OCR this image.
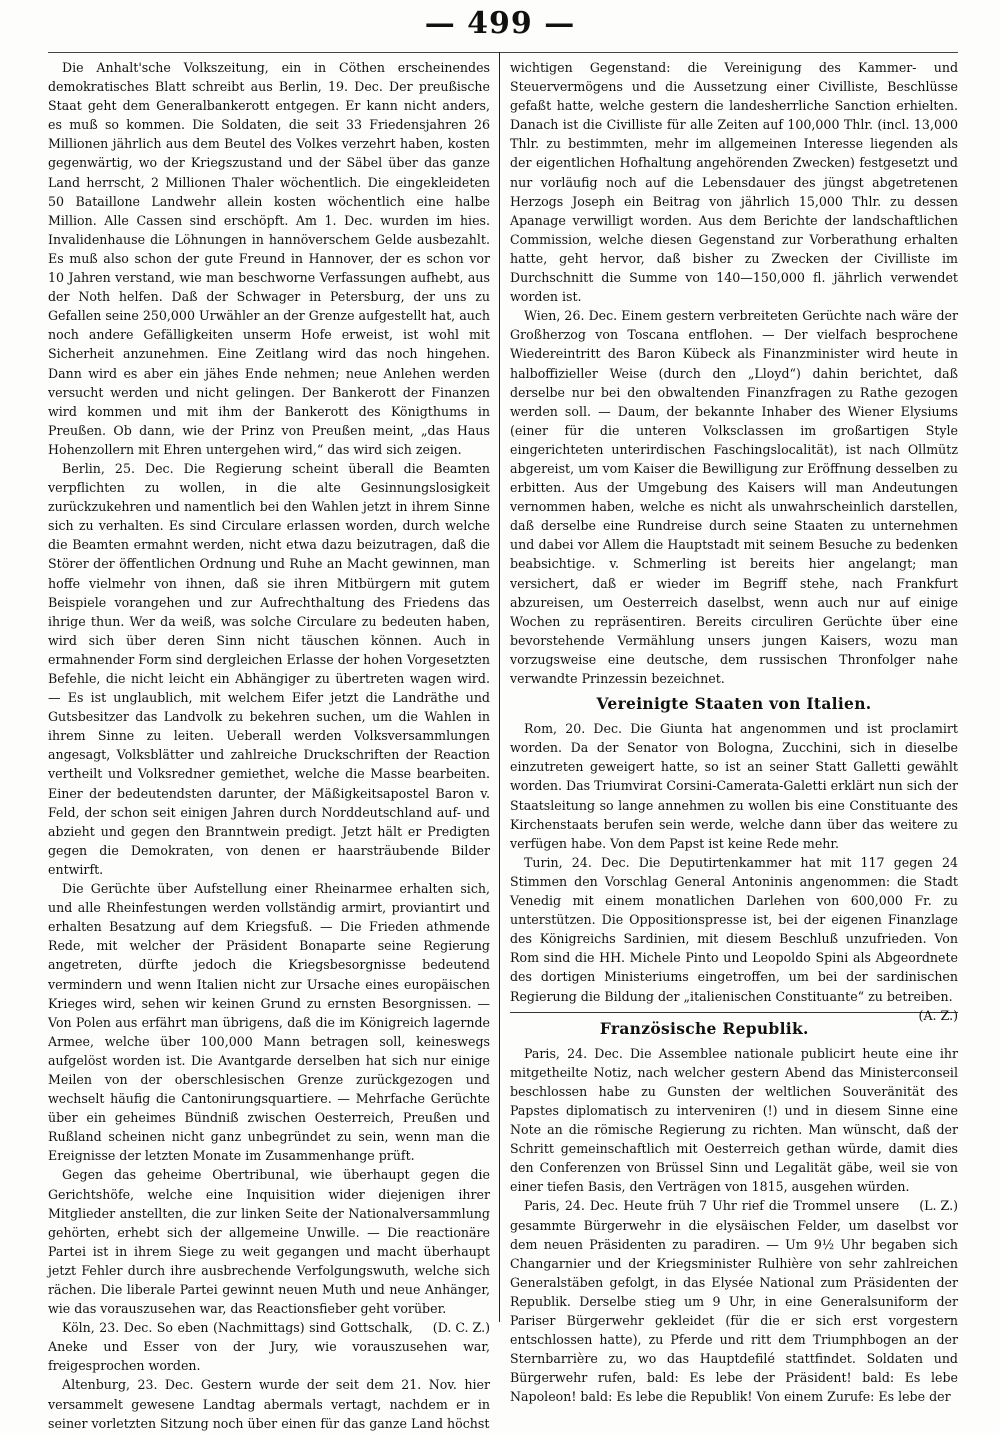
— 499 —

Die Anhalt'sche Volkszeitung, ein in Cöthen erscheinendes demokratisches Blatt schreibt aus Berlin, 19. Dec. Der preußische Staat geht dem Generalbankerott entgegen. Er kann nicht anders, es muß so kommen. Die Soldaten, die seit 33 Friedensjahren 26 Millionen jährlich aus dem Beutel des Volkes verzehrt haben, kosten gegenwärtig, wo der Kriegszustand und der Säbel über das ganze Land herrscht, 2 Millionen Thaler wöchentlich. Die eingekleideten 50 Bataillone Landwehr allein kosten wöchentlich eine halbe Million. Alle Cassen sind erschöpft. Am 1. Dec. wurden im hies. Invalidenhause die Löhnungen in hannöverschem Gelde ausbezahlt. Es muß also schon der gute Freund in Hannover, der es schon vor 10 Jahren verstand, wie man beschworne Verfassungen aufhebt, aus der Noth helfen. Daß der Schwager in Petersburg, der uns zu Gefallen seine 250,000 Urwähler an der Grenze aufgestellt hat, auch noch andere Gefälligkeiten unserm Hofe erweist, ist wohl mit Sicherheit anzunehmen. Eine Zeitlang wird das noch hingehen. Dann wird es aber ein jähes Ende nehmen; neue Anlehen werden versucht werden und nicht gelingen. Der Bankerott der Finanzen wird kommen und mit ihm der Bankerott des Königthums in Preußen. Ob dann, wie der Prinz von Preußen meint, „das Haus Hohenzollern mit Ehren untergehen wird,“ das wird sich zeigen.

Berlin, 25. Dec. Die Regierung scheint überall die Beamten verpflichten zu wollen, in die alte Gesinnungslosigkeit zurückzukehren und namentlich bei den Wahlen jetzt in ihrem Sinne sich zu verhalten. Es sind Circulare erlassen worden, durch welche die Beamten ermahnt werden, nicht etwa dazu beizutragen, daß die Störer der öffentlichen Ordnung und Ruhe an Macht gewinnen, man hoffe vielmehr von ihnen, daß sie ihren Mitbürgern mit gutem Beispiele vorangehen und zur Aufrechthaltung des Friedens das ihrige thun. Wer da weiß, was solche Circulare zu bedeuten haben, wird sich über deren Sinn nicht täuschen können. Auch in ermahnender Form sind dergleichen Erlasse der hohen Vorgesetzten Befehle, die nicht leicht ein Abhängiger zu übertreten wagen wird. — Es ist unglaublich, mit welchem Eifer jetzt die Landräthe und Gutsbesitzer das Landvolk zu bekehren suchen, um die Wahlen in ihrem Sinne zu leiten. Ueberall werden Volksversammlungen angesagt, Volksblätter und zahlreiche Druckschriften der Reaction vertheilt und Volksredner gemiethet, welche die Masse bearbeiten. Einer der bedeutendsten darunter, der Mäßigkeitsapostel Baron v. Feld, der schon seit einigen Jahren durch Norddeutschland auf- und abzieht und gegen den Branntwein predigt. Jetzt hält er Predigten gegen die Demokraten, von denen er haarsträubende Bilder entwirft.

Die Gerüchte über Aufstellung einer Rheinarmee erhalten sich, und alle Rheinfestungen werden vollständig armirt, proviantirt und erhalten Besatzung auf dem Kriegsfuß. — Die Frieden athmende Rede, mit welcher der Präsident Bonaparte seine Regierung angetreten, dürfte jedoch die Kriegsbesorgnisse bedeutend vermindern und wenn Italien nicht zur Ursache eines europäischen Krieges wird, sehen wir keinen Grund zu ernsten Besorgnissen. — Von Polen aus erfährt man übrigens, daß die im Königreich lagernde Armee, welche über 100,000 Mann betragen soll, keineswegs aufgelöst worden ist. Die Avantgarde derselben hat sich nur einige Meilen von der oberschlesischen Grenze zurückgezogen und wechselt häufig die Cantonirungsquartiere. — Mehrfache Gerüchte über ein geheimes Bündniß zwischen Oesterreich, Preußen und Rußland scheinen nicht ganz unbegründet zu sein, wenn man die Ereignisse der letzten Monate im Zusammenhange prüft.

Gegen das geheime Obertribunal, wie überhaupt gegen die Gerichtshöfe, welche eine Inquisition wider diejenigen ihrer Mitglieder anstellten, die zur linken Seite der Nationalversammlung gehörten, erhebt sich der allgemeine Unwille. — Die reactionäre Partei ist in ihrem Siege zu weit gegangen und macht überhaupt jetzt Fehler durch ihre ausbrechende Verfolgungswuth, welche sich rächen. Die liberale Partei gewinnt neuen Muth und neue Anhänger, wie das vorauszusehen war, das Reactionsfieber geht vorüber.
(D. C. Z.)

Köln, 23. Dec. So eben (Nachmittags) sind Gottschalk, Aneke und Esser von der Jury, wie vorauszusehen war, freigesprochen worden.

Altenburg, 23. Dec. Gestern wurde der seit dem 21. Nov. hier versammelt gewesene Landtag abermals vertagt, nachdem er in seiner vorletzten Sitzung noch über einen für das ganze Land höchst

wichtigen Gegenstand: die Vereinigung des Kammer- und Steuervermögens und die Aussetzung einer Civilliste, Beschlüsse gefaßt hatte, welche gestern die landesherrliche Sanction erhielten. Danach ist die Civilliste für alle Zeiten auf 100,000 Thlr. (incl. 13,000 Thlr. zu bestimmten, mehr im allgemeinen Interesse liegenden als der eigentlichen Hofhaltung angehörenden Zwecken) festgesetzt und nur vorläufig noch auf die Lebensdauer des jüngst abgetretenen Herzogs Joseph ein Beitrag von jährlich 15,000 Thlr. zu dessen Apanage verwilligt worden. Aus dem Berichte der landschaftlichen Commission, welche diesen Gegenstand zur Vorberathung erhalten hatte, geht hervor, daß bisher zu Zwecken der Civilliste im Durchschnitt die Summe von 140—150,000 fl. jährlich verwendet worden ist.

Wien, 26. Dec. Einem gestern verbreiteten Gerüchte nach wäre der Großherzog von Toscana entflohen. — Der vielfach besprochene Wiedereintritt des Baron Kübeck als Finanzminister wird heute in halboffizieller Weise (durch den „Lloyd“) dahin berichtet, daß derselbe nur bei den obwaltenden Finanzfragen zu Rathe gezogen werden soll. — Daum, der bekannte Inhaber des Wiener Elysiums (einer für die unteren Volksclassen im großartigen Style eingerichteten unterirdischen Faschingslocalität), ist nach Ollmütz abgereist, um vom Kaiser die Bewilligung zur Eröffnung desselben zu erbitten. Aus der Umgebung des Kaisers will man Andeutungen vernommen haben, welche es nicht als unwahrscheinlich darstellen, daß derselbe eine Rundreise durch seine Staaten zu unternehmen und dabei vor Allem die Hauptstadt mit seinem Besuche zu bedenken beabsichtige. v. Schmerling ist bereits hier angelangt; man versichert, daß er wieder im Begriff stehe, nach Frankfurt abzureisen, um Oesterreich daselbst, wenn auch nur auf einige Wochen zu repräsentiren. Bereits circuliren Gerüchte über eine bevorstehende Vermählung unsers jungen Kaisers, wozu man vorzugsweise eine deutsche, dem russischen Thronfolger nahe verwandte Prinzessin bezeichnet.

Vereinigte Staaten von Italien.

Rom, 20. Dec. Die Giunta hat angenommen und ist proclamirt worden. Da der Senator von Bologna, Zucchini, sich in dieselbe einzutreten geweigert hatte, so ist an seiner Statt Galletti gewählt worden. Das Triumvirat Corsini-Camerata-Galetti erklärt nun sich der Staatsleitung so lange annehmen zu wollen bis eine Constituante des Kirchenstaats berufen sein werde, welche dann über das weitere zu verfügen habe. Von dem Papst ist keine Rede mehr.

Turin, 24. Dec. Die Deputirtenkammer hat mit 117 gegen 24 Stimmen den Vorschlag General Antoninis angenommen: die Stadt Venedig mit einem monatlichen Darlehen von 600,000 Fr. zu unterstützen. Die Oppositionspresse ist, bei der eigenen Finanzlage des Königreichs Sardinien, mit diesem Beschluß unzufrieden. Von Rom sind die HH. Michele Pinto und Leopoldo Spini als Abgeordnete des dortigen Ministeriums eingetroffen, um bei der sardinischen Regierung die Bildung der „italienischen Constituante“ zu betreiben.
(A. Z.)

Französische Republik.

Paris, 24. Dec. Die Assemblee nationale publicirt heute eine ihr mitgetheilte Notiz, nach welcher gestern Abend das Ministerconseil beschlossen habe zu Gunsten der weltlichen Souveränität des Papstes diplomatisch zu interveniren (!) und in diesem Sinne eine Note an die römische Regierung zu richten. Man wünscht, daß der Schritt gemeinschaftlich mit Oesterreich gethan würde, damit dies den Conferenzen von Brüssel Sinn und Legalität gäbe, weil sie von einer tiefen Basis, den Verträgen von 1815, ausgehen würden.
(L. Z.)

Paris, 24. Dec. Heute früh 7 Uhr rief die Trommel unsere gesammte Bürgerwehr in die elysäischen Felder, um daselbst vor dem neuen Präsidenten zu paradiren. — Um 9½ Uhr begaben sich Changarnier und der Kriegsminister Rulhière von sehr zahlreichen Generalstäben gefolgt, in das Elysée National zum Präsidenten der Republik. Derselbe stieg um 9 Uhr, in eine Generalsuniform der Pariser Bürgerwehr gekleidet (für die er sich erst vorgestern entschlossen hatte), zu Pferde und ritt dem Triumphbogen an der Sternbarrière zu, wo das Hauptdefilé stattfindet. Soldaten und Bürgerwehr rufen, bald: Es lebe der Präsident! bald: Es lebe Napoleon! bald: Es lebe die Republik! Von einem Zurufe: Es lebe der
